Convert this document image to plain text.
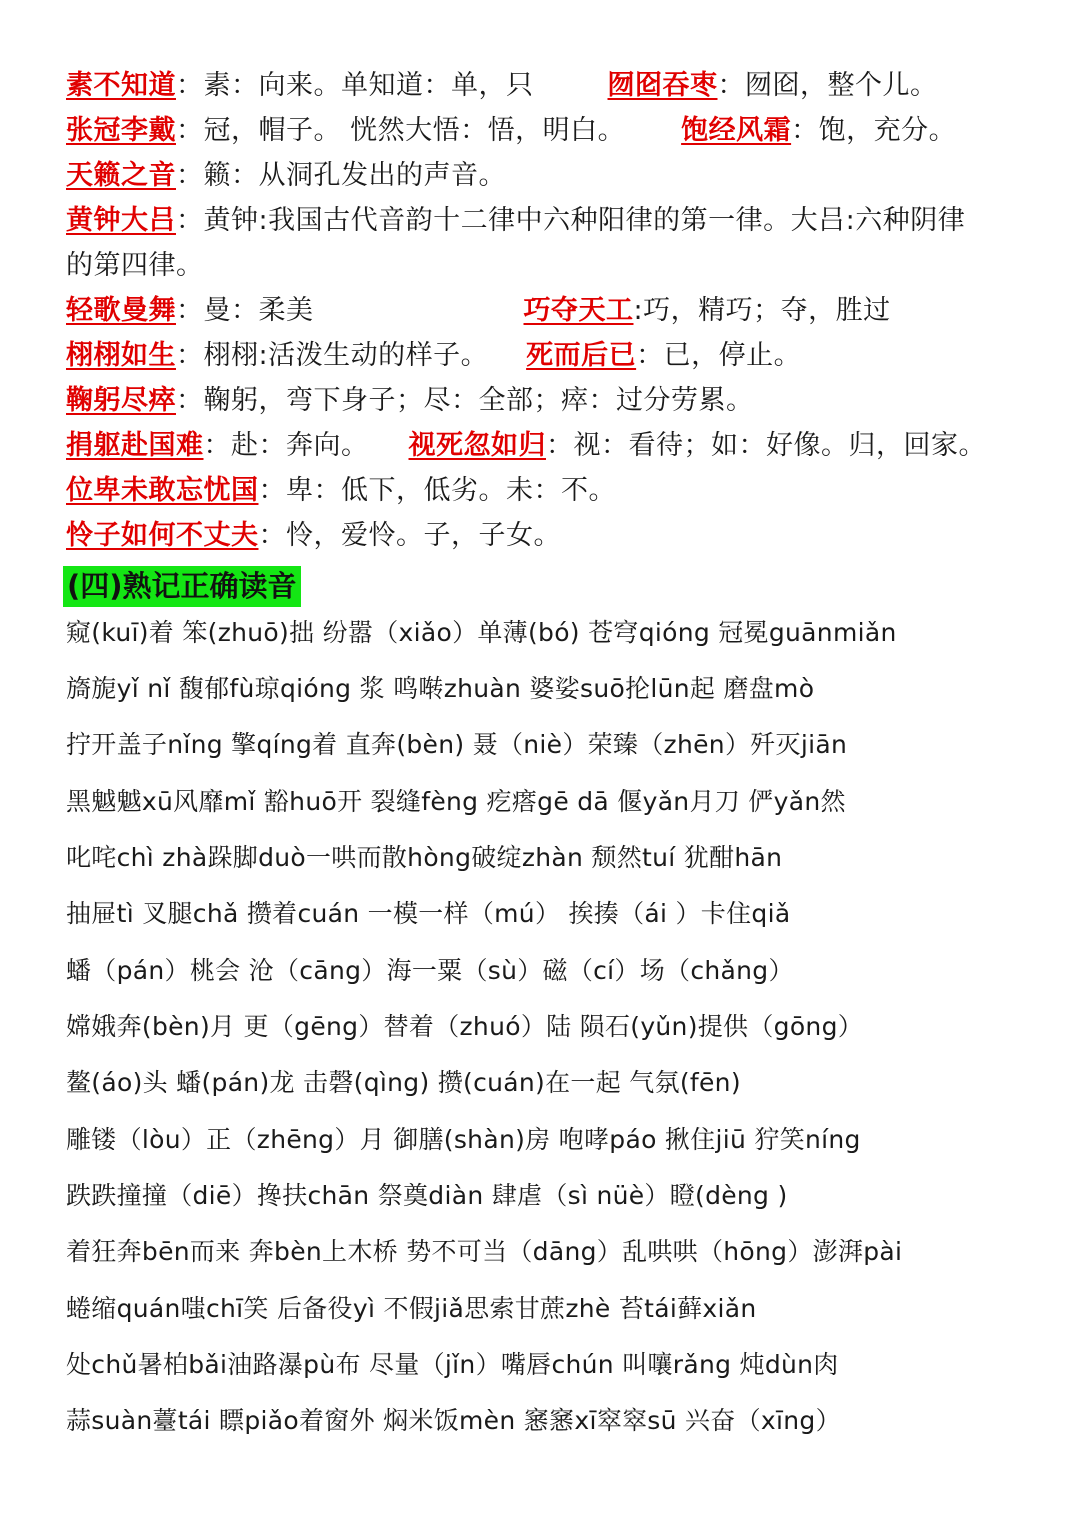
素不知道：素：向来。单知道：单，只	囫囵吞枣：囫囵，整个儿。
张冠李戴：冠，帽子。 恍然大悟：悟，明白。 饱经风霜：饱，充分。
天籁之音：籁：从洞孔发出的声音。
黄钟大吕：黄钟:我国古代音韵十二律中六种阳律的第一律。大吕:六种阴律
的第四律。
轻歌曼舞：曼：柔美	巧夺天工:巧，精巧；夺，胜过
栩栩如生：栩栩:活泼生动的样子。 死而后已：已，停止。
鞠躬尽瘁：鞠躬，弯下身子；尽：全部；瘁：过分劳累。
捐躯赴国难：赴：奔向。 视死忽如归：视：看待；如：好像。归，回家。
位卑未敢忘忧国：卑：低下，低劣。未：不。
怜子如何不丈夫：怜，爱怜。子，子女。
(四)熟记正确读音
窥(kuī)着 笨(zhuō)拙 纷嚣（xiǎo）单薄(bó) 苍穹qióng 冠冕guānmiǎn
旖旎yǐ nǐ 馥郁fù琼qióng 浆 鸣啭zhuàn 婆娑suō抡lūn起 磨盘mò
拧开盖子nǐng 擎qíng着 直奔(bèn) 聂（niè）荣臻（zhēn）歼灭jiān
黑魆魆xū风靡mǐ 豁huō开 裂缝fèng 疙瘩gē dā 偃yǎn月刀 俨yǎn然
叱咤chì zhà跺脚duò一哄而散hòng破绽zhàn 颓然tuí 犹酣hān
抽屉tì 叉腿chǎ 攒着cuán 一模一样（mú） 挨揍（ái ）卡住qiǎ
蟠（pán）桃会 沧（cāng）海一粟（sù）磁（cí）场（chǎng）
嫦娥奔(bèn)月 更（gēng）替着（zhuó）陆 陨石(yǔn)提供（gōng）
鳌(áo)头 蟠(pán)龙 击磬(qìng) 攒(cuán)在一起 气氛(fēn)
雕镂（lòu）正（zhēng）月 御膳(shàn)房 咆哮páo 揪住jiū 狞笑níng
跌跌撞撞（diē）搀扶chān 祭奠diàn 肆虐（sì nüè）瞪(dèng )
着狂奔bēn而来 奔bèn上木桥 势不可当（dāng）乱哄哄（hōng）澎湃pài
蜷缩quán嗤chī笑 后备役yì 不假jiǎ思索甘蔗zhè 苔tái藓xiǎn
处chǔ暑柏bǎi油路瀑pù布 尽量（jǐn）嘴唇chún 叫嚷rǎng 炖dùn肉
蒜suàn薹tái 瞟piǎo着窗外 焖米饭mèn 窸窸xī窣窣sū 兴奋（xīng）
